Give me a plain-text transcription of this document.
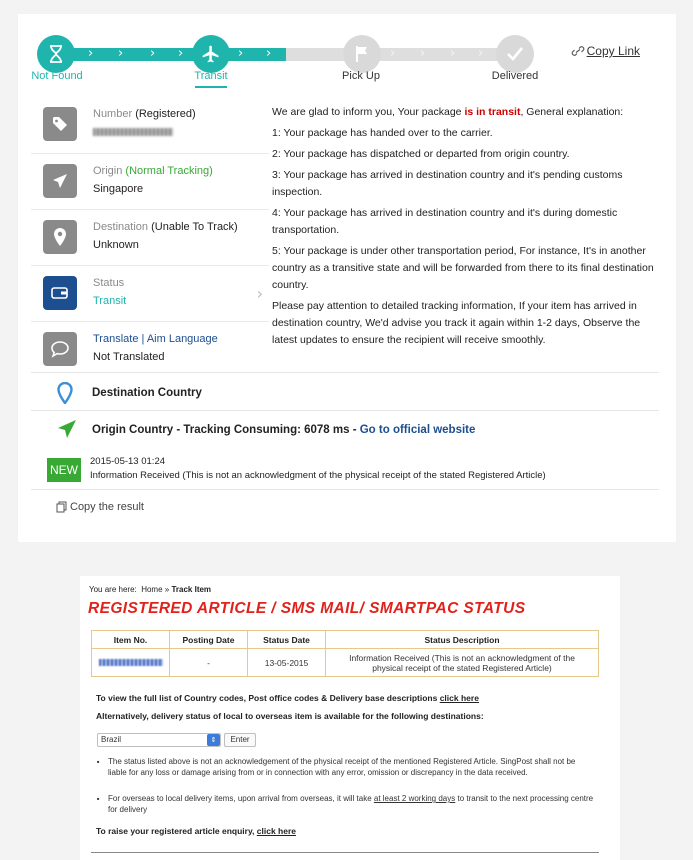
› › › ›	› ›	› › › ›
Not Found	Transit	Pick Up	Delivered
Copy Link
Number (Registered)
Origin (Normal Tracking)
Singapore
Destination (Unable To Track)
Unknown
Status
Transit	›
Translate | Aim Language
Not Translated

We are glad to inform you, Your package is in transit, General explanation:

1: Your package has handed over to the carrier.

2: Your package has dispatched or departed from origin country.

3: Your package has arrived in destination country and it's pending customs inspection.

4: Your package has arrived in destination country and it's during domestic transportation.

5: Your package is under other transportation period, For instance, It's in another country as a transitive state and will be forwarded from there to its final destination country.

Please pay attention to detailed tracking information, If your item has arrived in destination country, We'd advise you track it again within 1-2 days, Observe the latest updates to ensure the recipient will receive smoothly.

Destination Country
Origin Country - Tracking Consuming: 6078 ms - Go to official website
NEW
2015-05-13 01:24
Information Received (This is not an acknowledgment of the physical receipt of the stated Registered Article)
Copy the result
You are here: Home » Track Item
REGISTERED ARTICLE / SMS MAIL/ SMARTPAC STATUS
Item No.	Posting Date	Status Date	Status Description
	-	13-05-2015	Information Received (This is not an acknowledgment of the
physical receipt of the stated Registered Article)
To view the full list of Country codes, Post office codes & Delivery base descriptions click here
Alternatively, delivery status of local to overseas item is available for the following destinations:
Brazil	⇕	Enter
■ The status listed above is not an acknowledgement of the physical receipt of the mentioned Registered Article. SingPost shall not be liable for any loss or damage arising from or in connection with any error, omission or discrepancy in the data received.
■ For overseas to local delivery items, upon arrival from overseas, it will take at least 2 working days to transit to the next processing centre for delivery
To raise your registered article enquiry, click here
